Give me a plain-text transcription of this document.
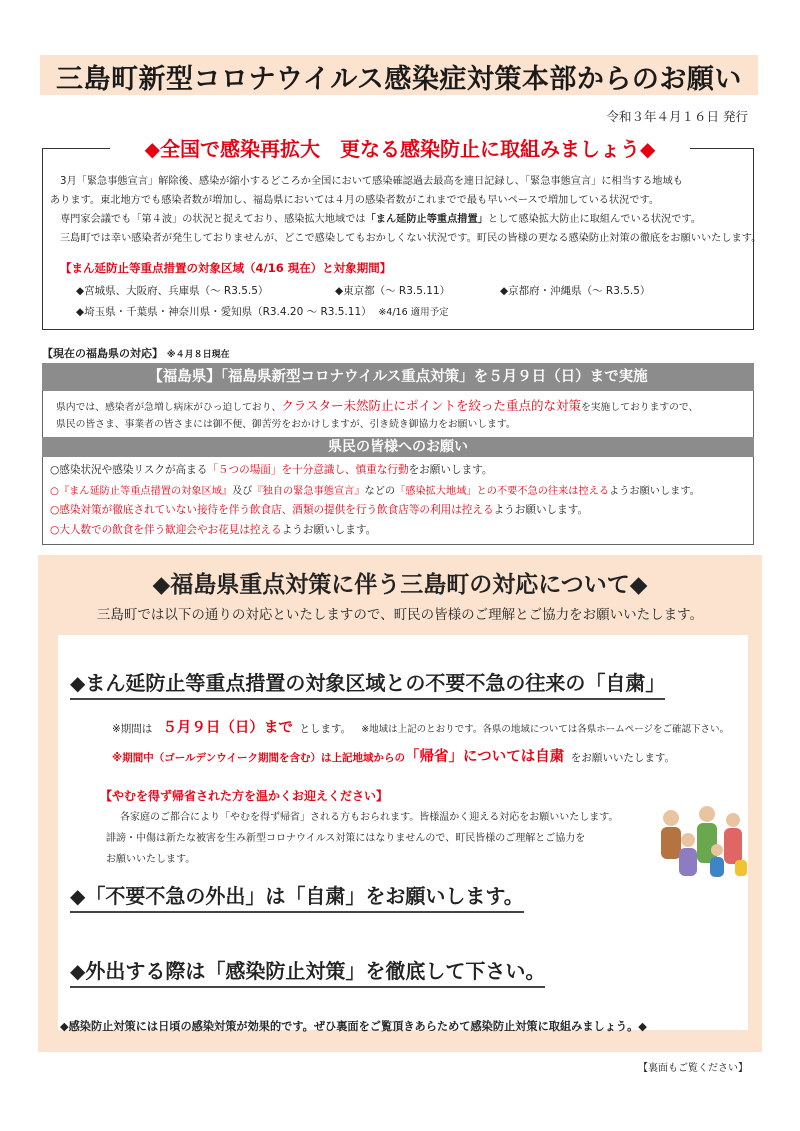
三島町新型コロナウイルス感染症対策本部からのお願い
令和３年４月１６日 発行
◆全国で感染再拡大　更なる感染防止に取組みましょう◆
3月「緊急事態宣言」解除後、感染が縮小するどころか全国において感染確認過去最高を連日記録し、「緊急事態宣言」に相当する地域も
あります。東北地方でも感染者数が増加し、福島県においては４月の感染者数がこれまでで最も早いペースで増加している状況です。
専門家会議でも「第４波」の状況と捉えており、感染拡大地域では「まん延防止等重点措置」として感染拡大防止に取組んでいる状況です。
三島町では幸い感染者が発生しておりませんが、どこで感染してもおかしくない状況です。町民の皆様の更なる感染防止対策の徹底をお願いいたします。
【まん延防止等重点措置の対象区域（4/16 現在）と対象期間】
◆宮城県、大阪府、兵庫県（～ R3.5.5）	◆東京都（～ R3.5.11）	◆京都府・沖縄県（～ R3.5.5）
◆埼玉県・千葉県・神奈川県・愛知県（R3.4.20 ～ R3.5.11） ※4/16 適用予定
【現在の福島県の対応】 ※４月８日現在
【福島県】「福島県新型コロナウイルス重点対策」を５月９日（日）まで実施
県内では、感染者が急増し病床がひっ迫しており、クラスター未然防止にポイントを絞った重点的な対策を実施しておりますので、
県民の皆さま、事業者の皆さまには御不便、御苦労をおかけしますが、引き続き御協力をお願いします。
県民の皆様へのお願い
○感染状況や感染リスクが高まる「５つの場面」を十分意識し、慎重な行動をお願いします。
○『まん延防止等重点措置の対象区域』及び『独自の緊急事態宣言』などの「感染拡大地域」との不要不急の往来は控えるようお願いします。
○感染対策が徹底されていない接待を伴う飲食店、酒類の提供を行う飲食店等の利用は控えるようお願いします。
○大人数での飲食を伴う歓迎会やお花見は控えるようお願いします。
◆福島県重点対策に伴う三島町の対応について◆
三島町では以下の通りの対応といたしますので、町民の皆様のご理解とご協力をお願いいたします。
◆まん延防止等重点措置の対象区域との不要不急の往来の「自粛」
※期間は ５月９日（日）まで とします。 ※地域は上記のとおりです。各県の地域については各県ホームページをご確認下さい。
※期間中（ゴールデンウイーク期間を含む）は上記地域からの「帰省」については自粛 をお願いいたします。
【やむを得ず帰省された方を温かくお迎えください】
各家庭のご都合により「やむを得ず帰省」される方もおられます。皆様温かく迎える対応をお願いいたします。
誹謗・中傷は新たな被害を生み新型コロナウイルス対策にはなりませんので、町民皆様のご理解とご協力を
お願いいたします。
◆「不要不急の外出」は「自粛」をお願いします。
◆外出する際は「感染防止対策」を徹底して下さい。
◆感染防止対策には日頃の感染対策が効果的です。ぜひ裏面をご覧頂きあらためて感染防止対策に取組みましょう。◆
【裏面もご覧ください】
